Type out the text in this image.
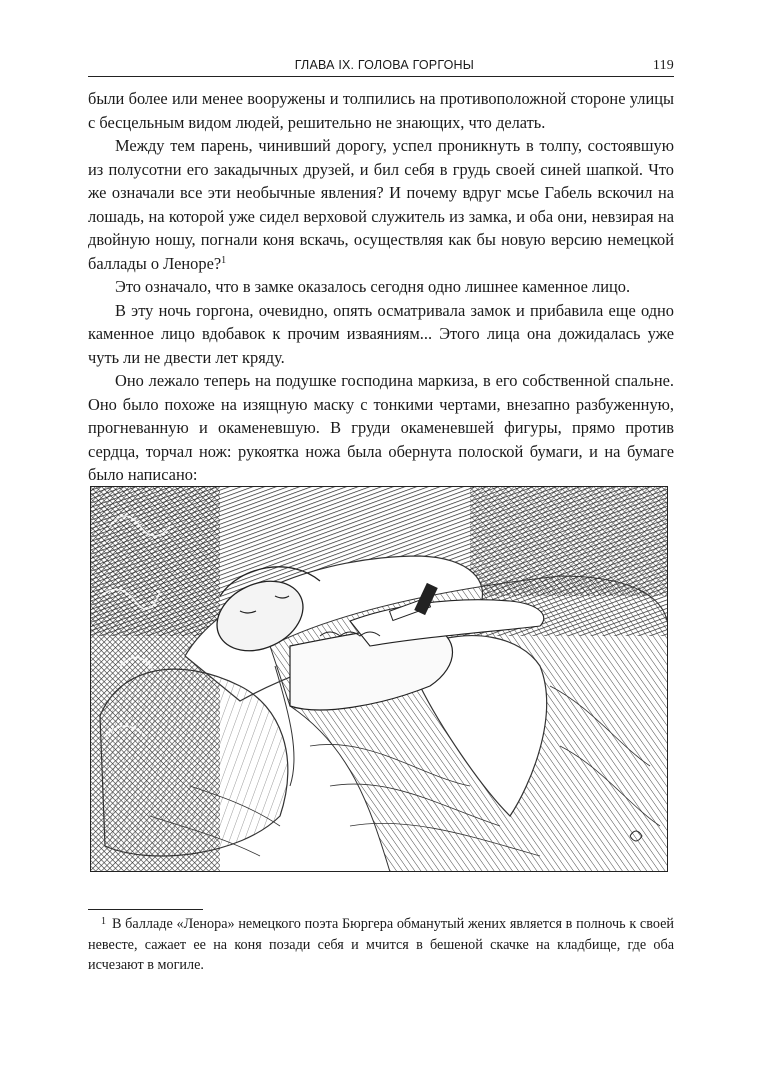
ГЛАВА IX. ГОЛОВА ГОРГОНЫ	119

были более или менее вооружены и толпились на противоположной стороне улицы с бесцельным видом людей, решительно не знающих, что делать.

Между тем парень, чинивший дорогу, успел проникнуть в толпу, состоявшую из полусотни его закадычных друзей, и бил себя в грудь своей синей шапкой. Что же означали все эти необычные явления? И почему вдруг мсье Габель вскочил на лошадь, на которой уже сидел верховой служитель из замка, и оба они, невзирая на двойную ношу, погнали коня вскачь, осуществляя как бы новую версию немецкой баллады о Леноре?$^1$

Это означало, что в замке оказалось сегодня одно лишнее каменное лицо.

В эту ночь горгона, очевидно, опять осматривала замок и прибавила еще одно каменное лицо вдобавок к прочим изваяниям... Этого лица она дожидалась уже чуть ли не двести лет кряду.

Оно лежало теперь на подушке господина маркиза, в его собственной спальне. Оно было похоже на изящную маску с тонкими чертами, внезапно разбуженную, прогневанную и окаменевшую. В груди окаменевшей фигуры, прямо против сердца, торчал нож: рукоятка ножа была обернута полоской бумаги, и на бумаге было написано:

$^1$ В балладе «Ленора» немецкого поэта Бюргера обманутый жених является в полночь к своей невесте, сажает ее на коня позади себя и мчится в бешеной скачке на кладбище, где оба исчезают в могиле.
